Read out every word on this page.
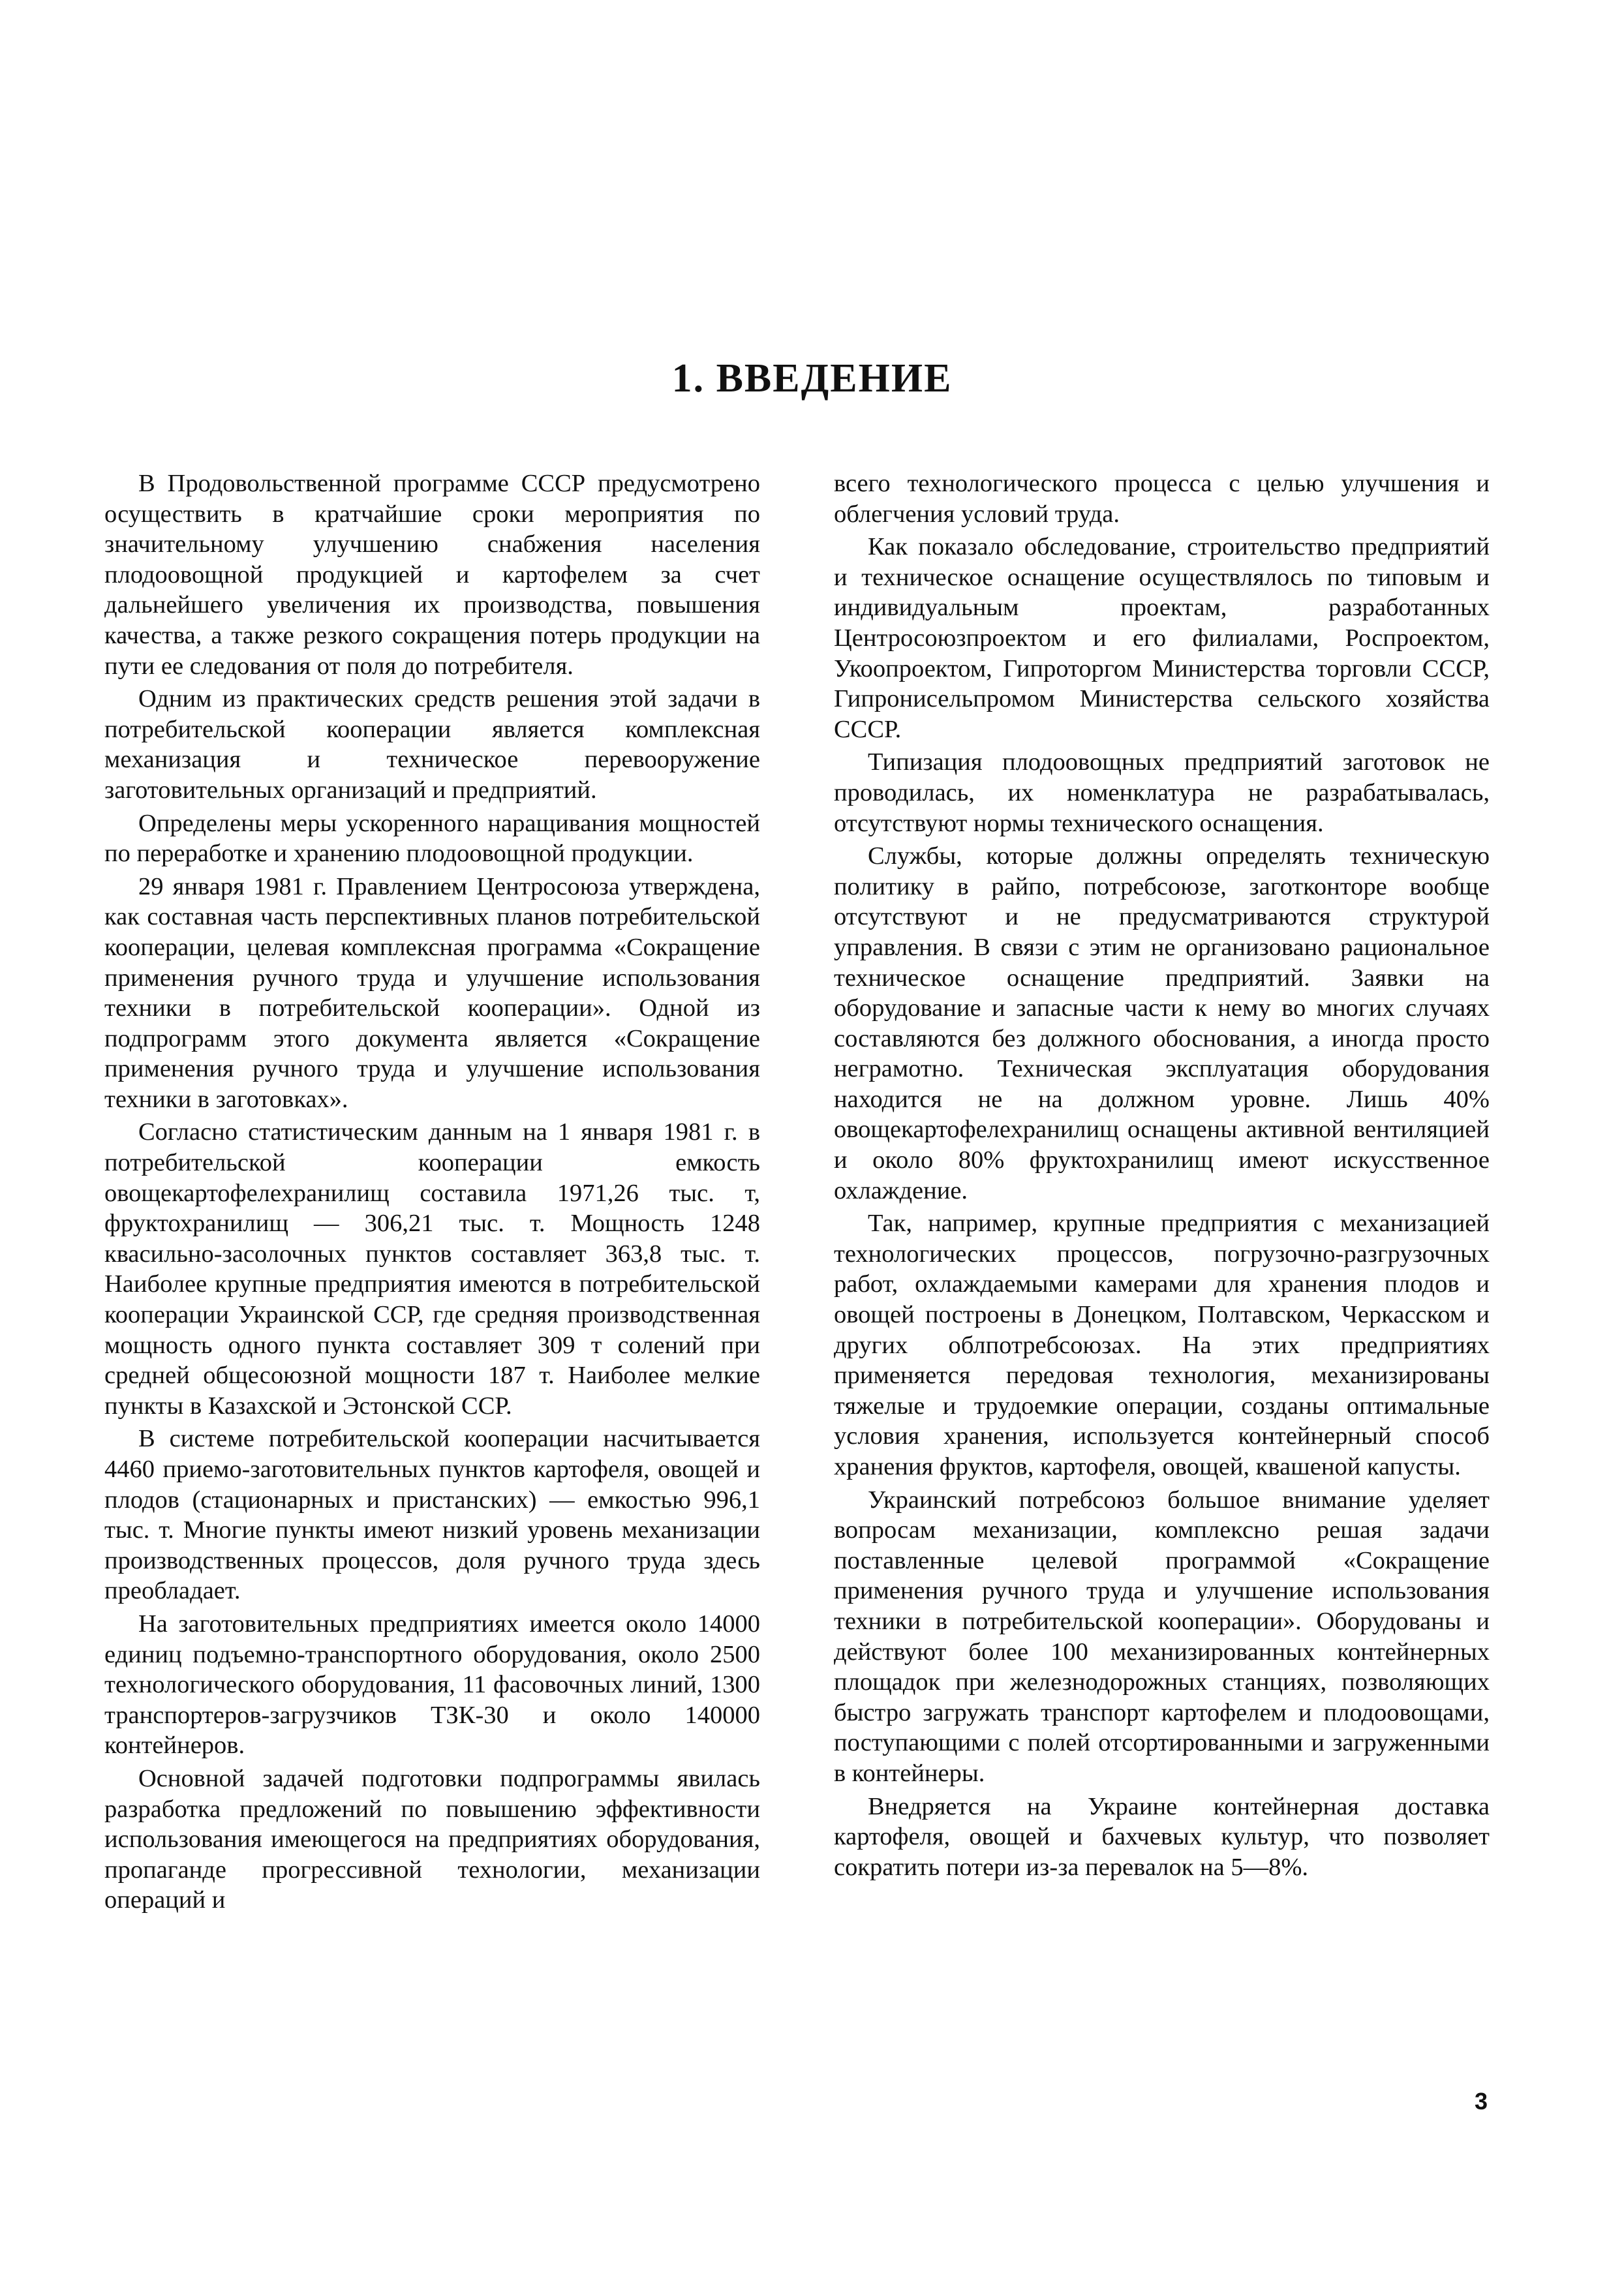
1. ВВЕДЕНИЕ

В Продовольственной программе СССР предусмотрено осуществить в кратчайшие сроки мероприятия по значительному улучшению снабжения населения плодоовощной продукцией и картофелем за счет дальнейшего увеличения их производства, повышения качества, а также резкого сокращения потерь продукции на пути ее следования от поля до потребителя.

Одним из практических средств решения этой задачи в потребительской кооперации является комплексная механизация и техническое перевооружение заготовительных организаций и предприятий.

Определены меры ускоренного наращивания мощностей по переработке и хранению плодоовощной продукции.

29 января 1981 г. Правлением Центросоюза утверждена, как составная часть перспективных планов потребительской кооперации, целевая комплексная программа «Сокращение применения ручного труда и улучшение использования техники в потребительской кооперации». Одной из подпрограмм этого документа является «Сокращение применения ручного труда и улучшение использования техники в заготовках».

Согласно статистическим данным на 1 января 1981 г. в потребительской кооперации емкость овощекартофелехранилищ составила 1971,26 тыс. т, фруктохранилищ — 306,21 тыс. т. Мощность 1248 квасильно-засолочных пунктов составляет 363,8 тыс. т. Наиболее крупные предприятия имеются в потребительской кооперации Украинской ССР, где средняя производственная мощность одного пункта составляет 309 т солений при средней общесоюзной мощности 187 т. Наиболее мелкие пункты в Казахской и Эстонской ССР.

В системе потребительской кооперации насчитывается 4460 приемо-заготовительных пунктов картофеля, овощей и плодов (стационарных и пристанских) — емкостью 996,1 тыс. т. Многие пункты имеют низкий уровень механизации производственных процессов, доля ручного труда здесь преобладает.

На заготовительных предприятиях имеется около 14000 единиц подъемно-транспортного оборудования, около 2500 технологического оборудования, 11 фасовочных линий, 1300 транспортеров-загрузчиков ТЗК-30 и около 140000 контейнеров.

Основной задачей подготовки подпрограммы явилась разработка предложений по повышению эффективности использования имеющегося на предприятиях оборудования, пропаганде прогрессивной технологии, механизации операций и

всего технологического процесса с целью улучшения и облегчения условий труда.

Как показало обследование, строительство предприятий и техническое оснащение осуществлялось по типовым и индивидуальным проектам, разработанных Центросоюзпроектом и его филиалами, Роспроектом, Укоопроектом, Гипроторгом Министерства торговли СССР, Гипронисельпромом Министерства сельского хозяйства СССР.

Типизация плодоовощных предприятий заготовок не проводилась, их номенклатура не разрабатывалась, отсутствуют нормы технического оснащения.

Службы, которые должны определять техническую политику в райпо, потребсоюзе, заготконторе вообще отсутствуют и не предусматриваются структурой управления. В связи с этим не организовано рациональное техническое оснащение предприятий. Заявки на оборудование и запасные части к нему во многих случаях составляются без должного обоснования, а иногда просто неграмотно. Техническая эксплуатация оборудования находится не на должном уровне. Лишь 40% овощекартофелехранилищ оснащены активной вентиляцией и около 80% фруктохранилищ имеют искусственное охлаждение.

Так, например, крупные предприятия с механизацией технологических процессов, погрузочно-разгрузочных работ, охлаждаемыми камерами для хранения плодов и овощей построены в Донецком, Полтавском, Черкасском и других облпотребсоюзах. На этих предприятиях применяется передовая технология, механизированы тяжелые и трудоемкие операции, созданы оптимальные условия хранения, используется контейнерный способ хранения фруктов, картофеля, овощей, квашеной капусты.

Украинский потребсоюз большое внимание уделяет вопросам механизации, комплексно решая задачи поставленные целевой программой «Сокращение применения ручного труда и улучшение использования техники в потребительской кооперации». Оборудованы и действуют более 100 механизированных контейнерных площадок при железнодорожных станциях, позволяющих быстро загружать транспорт картофелем и плодоовощами, поступающими с полей отсортированными и загруженными в контейнеры.

Внедряется на Украине контейнерная доставка картофеля, овощей и бахчевых культур, что позволяет сократить потери из-за перевалок на 5—8%.

3
